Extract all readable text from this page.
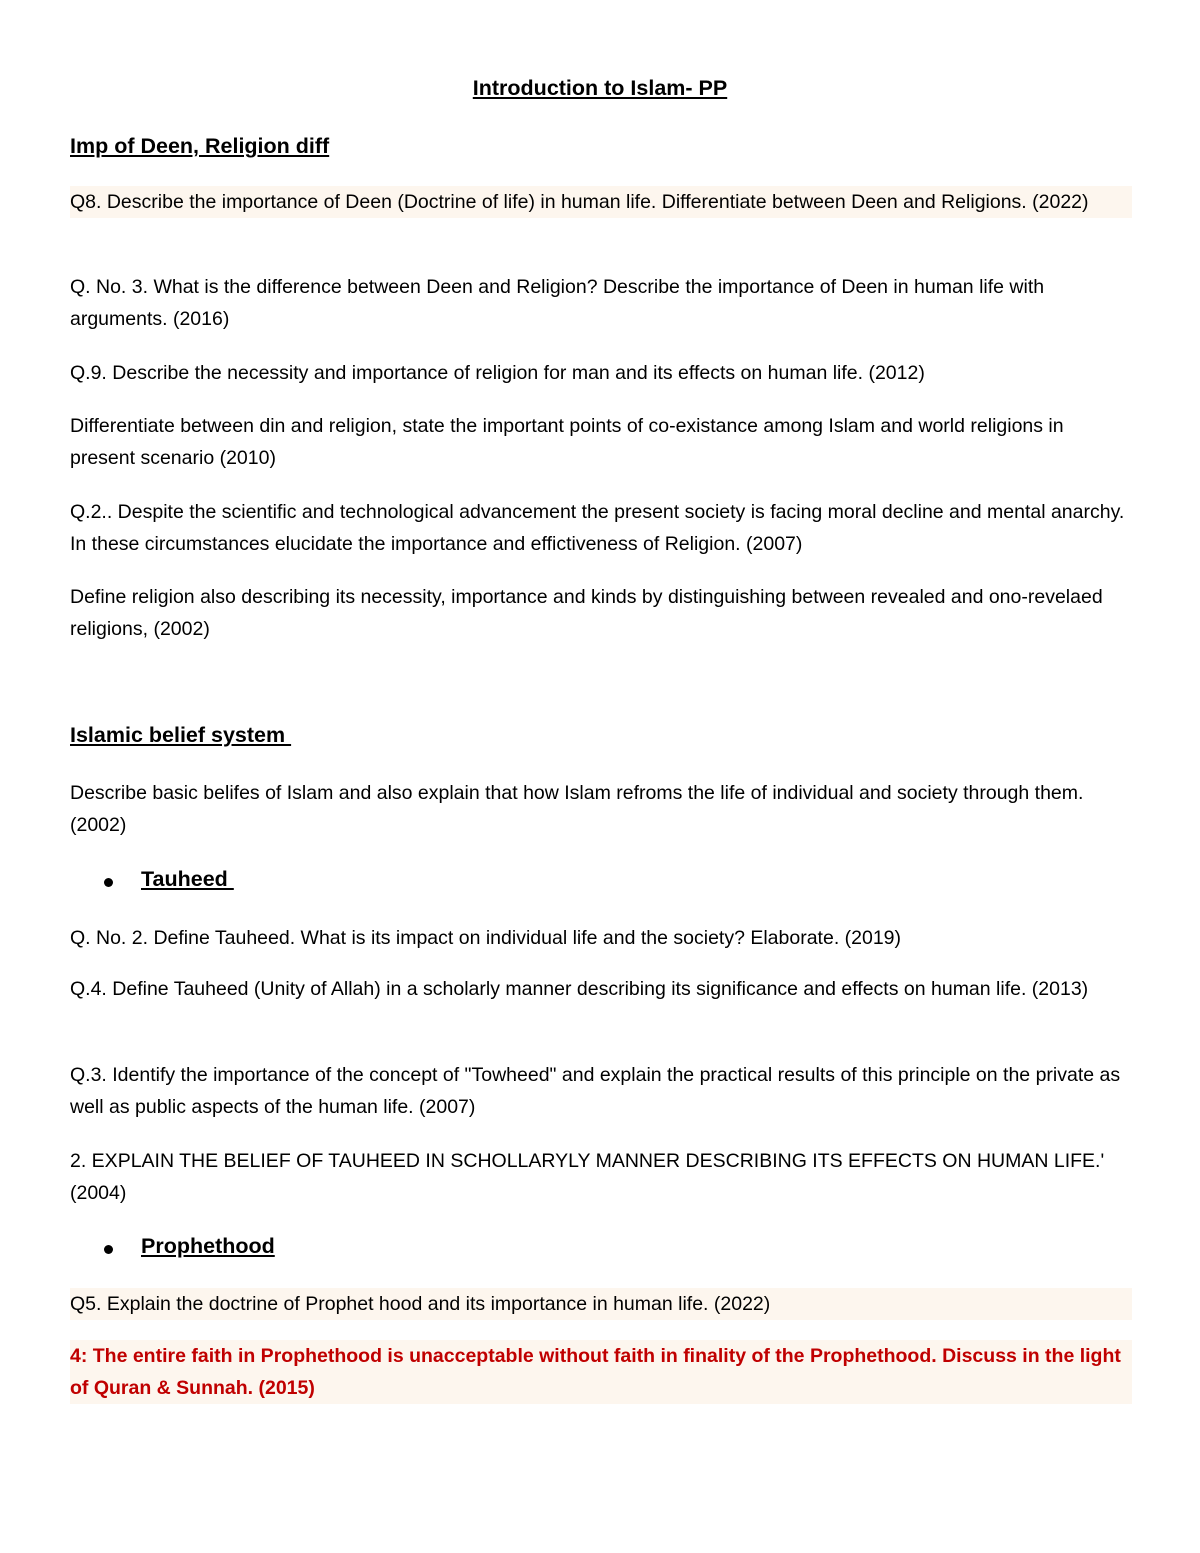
Introduction to Islam- PP
Imp of Deen, Religion diff

Q8. Describe the importance of Deen (Doctrine of life) in human life. Differentiate between Deen and Religions. (2022)

Q. No. 3. What is the difference between Deen and Religion? Describe the importance of Deen in human life with arguments. (2016)

Q.9. Describe the necessity and importance of religion for man and its effects on human life. (2012)

Differentiate between din and religion, state the important points of co-existance among Islam and world religions in present scenario (2010)

Q.2.. Despite the scientific and technological advancement the present society is facing moral decline and mental anarchy. In these circumstances elucidate the importance and effictiveness of Religion. (2007)

Define religion also describing its necessity, importance and kinds by distinguishing between revealed and ono-revelaed religions, (2002)

Islamic belief system

Describe basic belifes of Islam and also explain that how Islam refroms the life of individual and society through them. (2002)

Tauheed

Q. No. 2. Define Tauheed. What is its impact on individual life and the society? Elaborate. (2019)

Q.4. Define Tauheed (Unity of Allah) in a scholarly manner describing its significance and effects on human life. (2013)

Q.3. Identify the importance of the concept of "Towheed" and explain the practical results of this principle on the private as well as public aspects of the human life. (2007)

2. EXPLAIN THE BELIEF OF TAUHEED IN SCHOLLARYLY MANNER DESCRIBING ITS EFFECTS ON HUMAN LIFE.' (2004)

Prophethood

Q5. Explain the doctrine of Prophet hood and its importance in human life. (2022)

4: The entire faith in Prophethood is unacceptable without faith in finality of the Prophethood. Discuss in the light of Quran & Sunnah. (2015)
